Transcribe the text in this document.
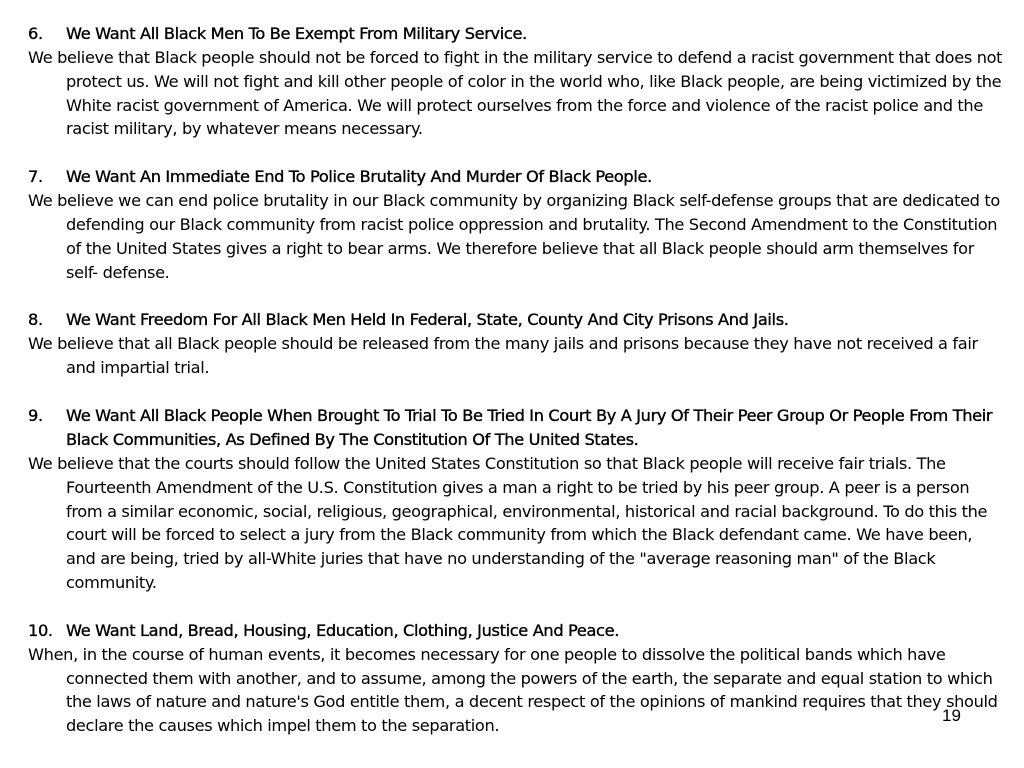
6.	We Want All Black Men To Be Exempt From Military Service.
We believe that Black people should not be forced to fight in the military service to defend a racist government that does not protect us. We will not fight and kill other people of color in the world who, like Black people, are being victimized by the White racist government of America. We will protect ourselves from the force and violence of the racist police and the racist military, by whatever means necessary.
7.	We Want An Immediate End To Police Brutality And Murder Of Black People.
We believe we can end police brutality in our Black community by organizing Black self-defense groups that are dedicated to defending our Black community from racist police oppression and brutality. The Second Amendment to the Constitution of the United States gives a right to bear arms. We therefore believe that all Black people should arm themselves for self- defense.
8.	We Want Freedom For All Black Men Held In Federal, State, County And City Prisons And Jails.
We believe that all Black people should be released from the many jails and prisons because they have not received a fair and impartial trial.
9.	We Want All Black People When Brought To Trial To Be Tried In Court By A Jury Of Their Peer Group Or People From Their Black Communities, As Defined By The Constitution Of The United States.
We believe that the courts should follow the United States Constitution so that Black people will receive fair trials. The Fourteenth Amendment of the U.S. Constitution gives a man a right to be tried by his peer group. A peer is a person from a similar economic, social, religious, geographical, environmental, historical and racial background. To do this the court will be forced to select a jury from the Black community from which the Black defendant came. We have been, and are being, tried by all-White juries that have no understanding of the "average reasoning man" of the Black community.
10. We Want Land, Bread, Housing, Education, Clothing, Justice And Peace.
When, in the course of human events, it becomes necessary for one people to dissolve the political bands which have connected them with another, and to assume, among the powers of the earth, the separate and equal station to which the laws of nature and nature's God entitle them, a decent respect of the opinions of mankind requires that they should declare the causes which impel them to the separation.
19
